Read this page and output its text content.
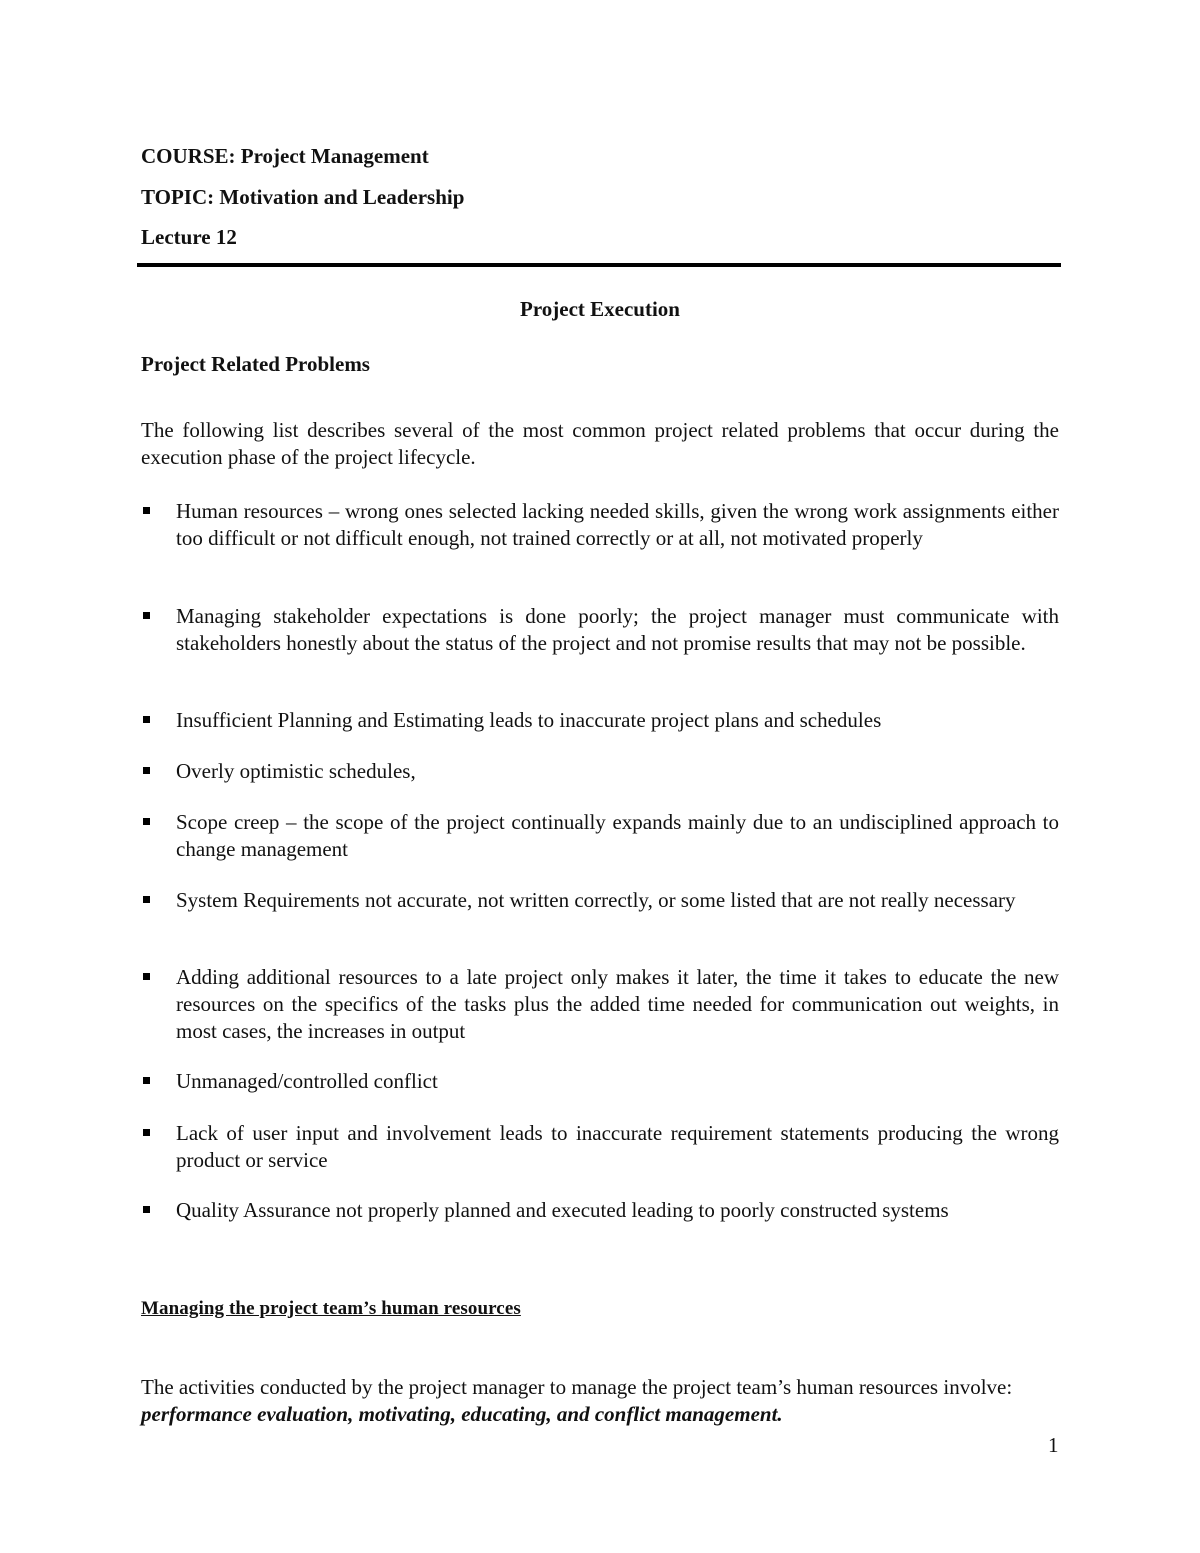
COURSE: Project Management
TOPIC: Motivation and Leadership
Lecture 12
Project Execution
Project Related Problems
The following list describes several of the most common project related problems that occur during the execution phase of the project lifecycle.
Human resources – wrong ones selected lacking needed skills, given the wrong work assignments either too difficult or not difficult enough, not trained correctly or at all, not motivated properly
Managing stakeholder expectations is done poorly; the project manager must communicate with stakeholders honestly about the status of the project and not promise results that may not be possible.
Insufficient Planning and Estimating leads to inaccurate project plans and schedules
Overly optimistic schedules,
Scope creep – the scope of the project continually expands mainly due to an undisciplined approach to change management
System Requirements not accurate, not written correctly, or some listed that are not really necessary
Adding additional resources to a late project only makes it later, the time it takes to educate the new resources on the specifics of the tasks plus the added time needed for communication out weights, in most cases, the increases in output
Unmanaged/controlled conflict
Lack of user input and involvement leads to inaccurate requirement statements producing the wrong product or service
Quality Assurance not properly planned and executed leading to poorly constructed systems
Managing the project team’s human resources
The activities conducted by the project manager to manage the project team’s human resources involve: performance evaluation, motivating, educating, and conflict management.
1
